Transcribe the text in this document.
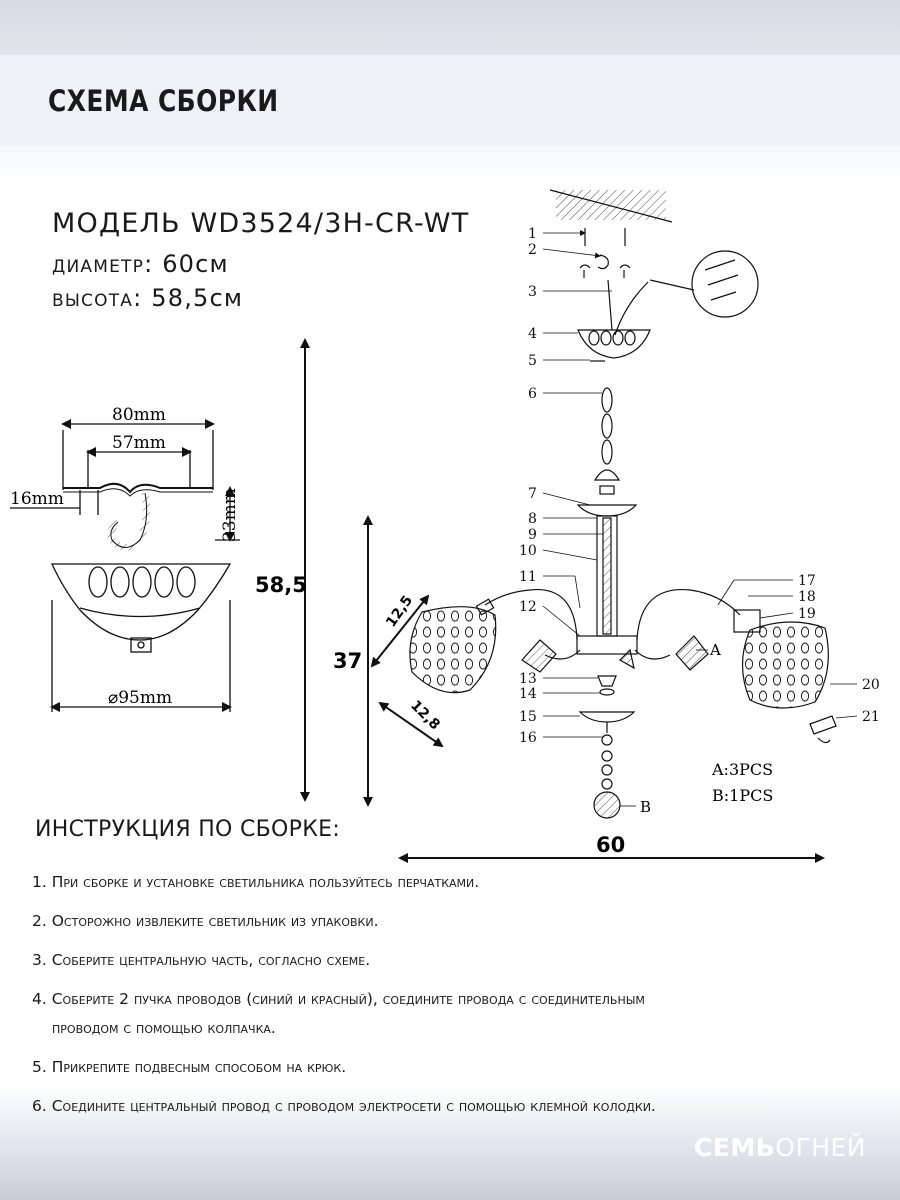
СХЕМА СБОРКИ
МОДЕЛЬ WD3524/3H-CR-WT
диаметр: 60см
высота: 58,5см
80mm
57mm
16mm	33mm
⌀95mm
58,5
37
60
12,5
12,8
1
2
3
4
5
6
7
8
9
10
11
12
13
14
15
16
17
18
19
20
21
A
B
A:3PCS
B:1PCS
ИНСТРУКЦИЯ ПО СБОРКЕ:
1. При сборке и установке светильника пользуйтесь перчатками.
2. Осторожно извлеките светильник из упаковки.
3. Соберите центральную часть, согласно схеме.
4. Соберите 2 пучка проводов (синий и красный), соедините провода с соединительным
проводом с помощью колпачка.
5. Прикрепите подвесным способом на крюк.
6. Соедините центральный провод с проводом электросети с помощью клемной колодки.
СЕМЬОГНЕЙ
